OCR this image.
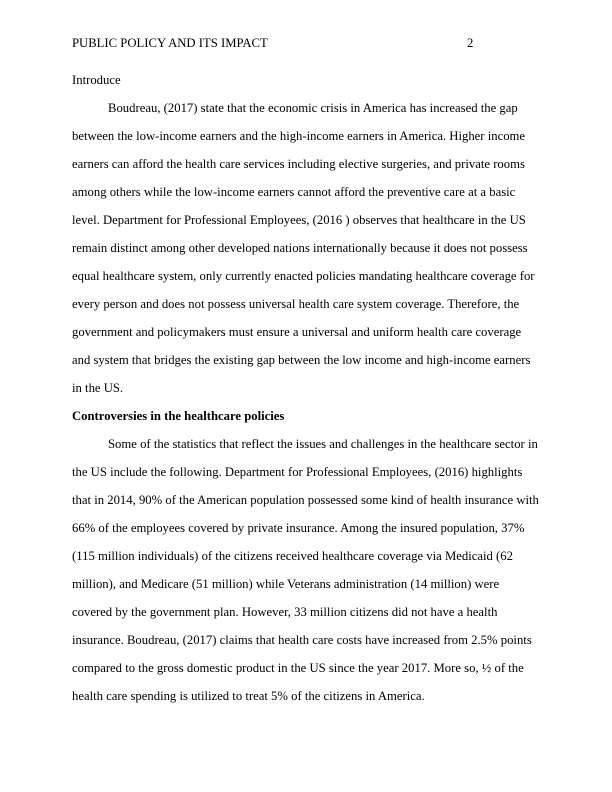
PUBLIC POLICY AND ITS IMPACT	2
Introduce

Boudreau, (2017) state that the economic crisis in America has increased the gap between the low-income earners and the high-income earners in America. Higher income earners can afford the health care services including elective surgeries, and private rooms among others while the low-income earners cannot afford the preventive care at a basic level. Department for Professional Employees, (2016 ) observes that healthcare in the US remain distinct among other developed nations internationally because it does not possess equal healthcare system, only currently enacted policies mandating healthcare coverage for every person and does not possess universal health care system coverage. Therefore, the government and policymakers must ensure a universal and uniform health care coverage and system that bridges the existing gap between the low income and high-income earners in the US.

Controversies in the healthcare policies

Some of the statistics that reflect the issues and challenges in the healthcare sector in the US include the following. Department for Professional Employees, (2016) highlights that in 2014, 90% of the American population possessed some kind of health insurance with 66% of the employees covered by private insurance. Among the insured population, 37% (115 million individuals) of the citizens received healthcare coverage via Medicaid (62 million), and Medicare (51 million) while Veterans administration (14 million) were covered by the government plan. However, 33 million citizens did not have a health insurance. Boudreau, (2017) claims that health care costs have increased from 2.5% points compared to the gross domestic product in the US since the year 2017. More so, ½ of the health care spending is utilized to treat 5% of the citizens in America.
